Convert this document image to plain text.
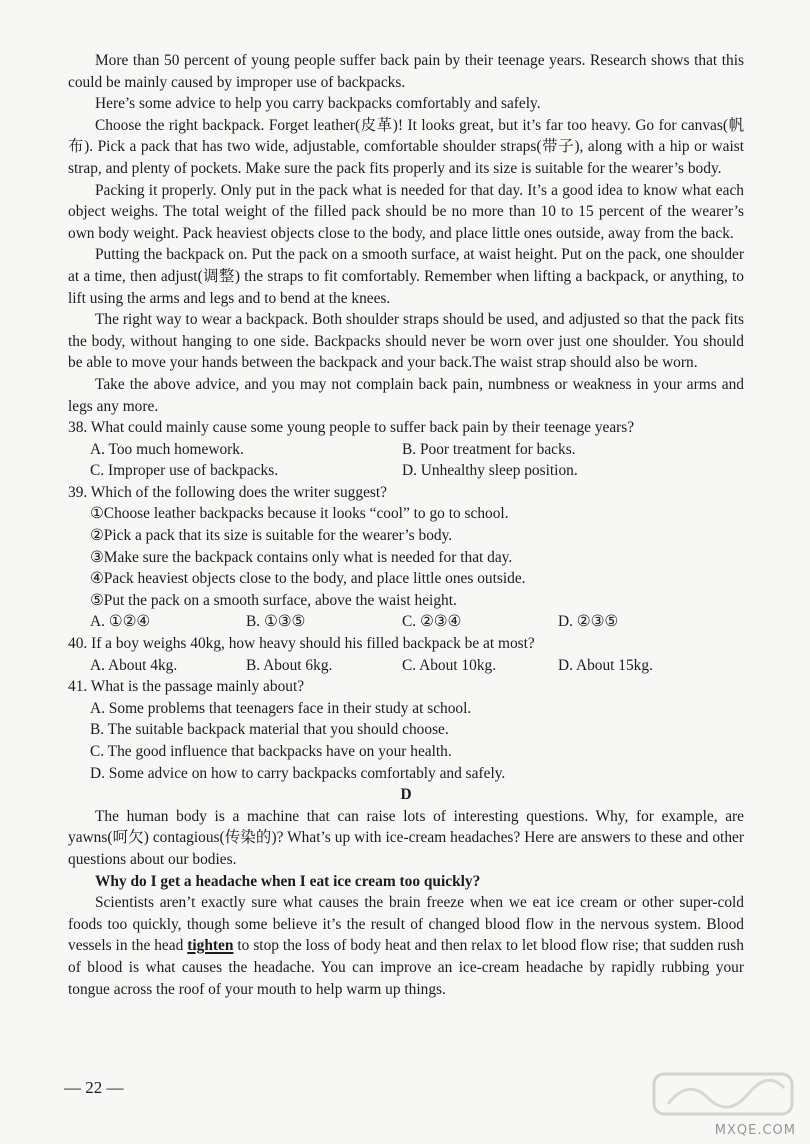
More than 50 percent of young people suffer back pain by their teenage years. Research shows that this could be mainly caused by improper use of backpacks.

Here’s some advice to help you carry backpacks comfortably and safely.

Choose the right backpack. Forget leather(皮革)! It looks great, but it’s far too heavy. Go for canvas(帆布). Pick a pack that has two wide, adjustable, comfortable shoulder straps(带子), along with a hip or waist strap, and plenty of pockets. Make sure the pack fits properly and its size is suitable for the wearer’s body.

Packing it properly. Only put in the pack what is needed for that day. It’s a good idea to know what each object weighs. The total weight of the filled pack should be no more than 10 to 15 percent of the wearer’s own body weight. Pack heaviest objects close to the body, and place little ones outside, away from the back.

Putting the backpack on. Put the pack on a smooth surface, at waist height. Put on the pack, one shoulder at a time, then adjust(调整) the straps to fit comfortably. Remember when lifting a backpack, or anything, to lift using the arms and legs and to bend at the knees.

The right way to wear a backpack. Both shoulder straps should be used, and adjusted so that the pack fits the body, without hanging to one side. Backpacks should never be worn over just one shoulder. You should be able to move your hands between the backpack and your back.The waist strap should also be worn.

Take the above advice, and you may not complain back pain, numbness or weakness in your arms and legs any more.

38. What could mainly cause some young people to suffer back pain by their teenage years?

A. Too much homework.	B. Poor treatment for backs.
C. Improper use of backpacks.	D. Unhealthy sleep position.

39. Which of the following does the writer suggest?

①Choose leather backpacks because it looks “cool” to go to school.
②Pick a pack that its size is suitable for the wearer’s body.
③Make sure the backpack contains only what is needed for that day.
④Pack heaviest objects close to the body, and place little ones outside.
⑤Put the pack on a smooth surface, above the waist height.
A. ①②④	B. ①③⑤	C. ②③④	D. ②③⑤

40. If a boy weighs 40kg, how heavy should his filled backpack be at most?

A. About 4kg.	B. About 6kg.	C. About 10kg.	D. About 15kg.

41. What is the passage mainly about?

A. Some problems that teenagers face in their study at school.
B. The suitable backpack material that you should choose.
C. The good influence that backpacks have on your health.
D. Some advice on how to carry backpacks comfortably and safely.

D

The human body is a machine that can raise lots of interesting questions. Why, for example, are yawns(呵欠) contagious(传染的)? What’s up with ice-cream headaches? Here are answers to these and other questions about our bodies.

Why do I get a headache when I eat ice cream too quickly?

Scientists aren’t exactly sure what causes the brain freeze when we eat ice cream or other super-cold foods too quickly, though some believe it’s the result of changed blood flow in the nervous system. Blood vessels in the head tighten to stop the loss of body heat and then relax to let blood flow rise; that sudden rush of blood is what causes the headache. You can improve an ice-cream headache by rapidly rubbing your tongue across the roof of your mouth to help warm up things.

— 22 —
MXQE.COM
